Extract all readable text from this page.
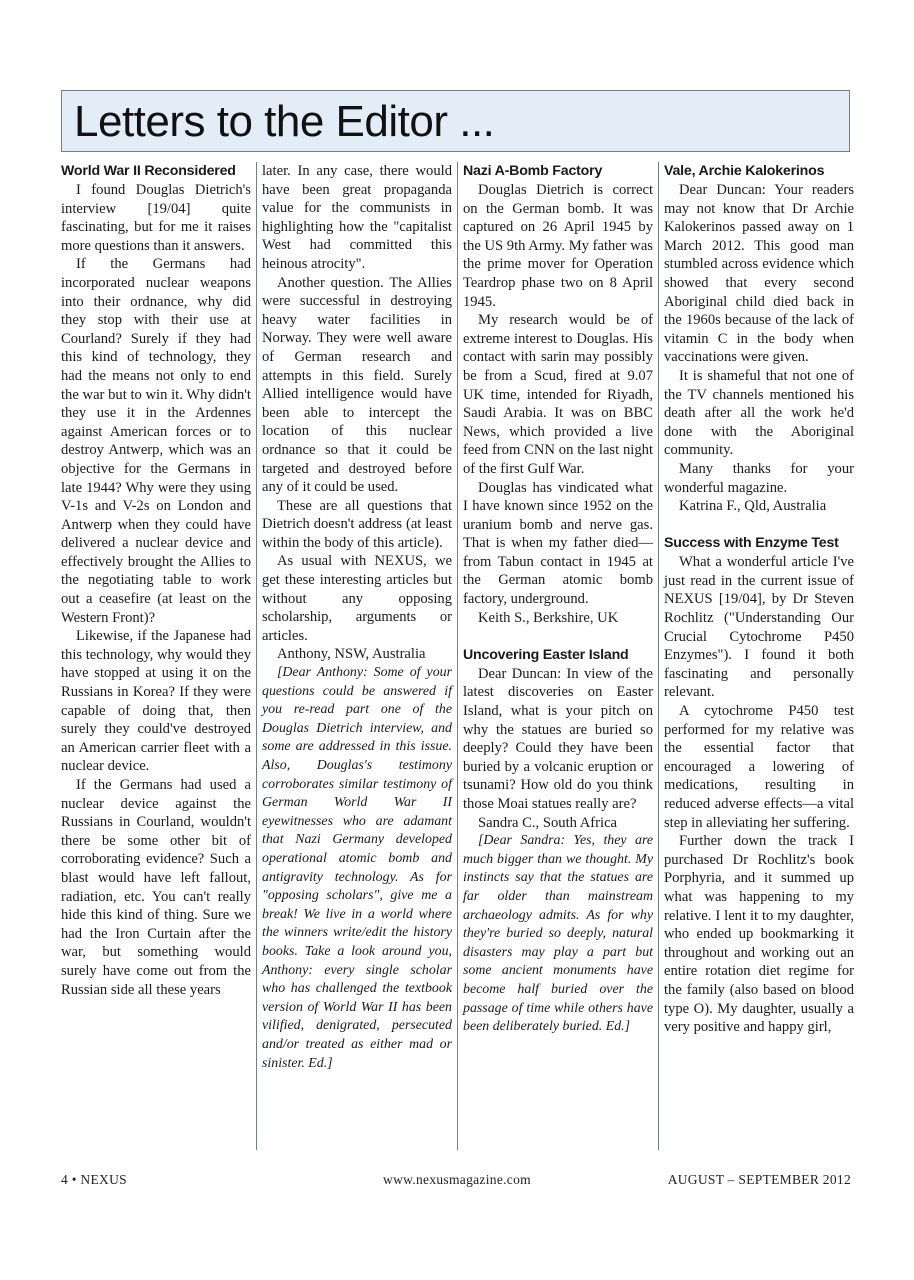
Letters to the Editor ...
World War II Reconsidered

I found Douglas Dietrich's interview [19/04] quite fascinating, but for me it raises more questions than it answers.

If the Germans had incorporated nuclear weapons into their ordnance, why did they stop with their use at Courland? Surely if they had this kind of technology, they had the means not only to end the war but to win it. Why didn't they use it in the Ardennes against American forces or to destroy Antwerp, which was an objective for the Germans in late 1944? Why were they using V-1s and V-2s on London and Antwerp when they could have delivered a nuclear device and effectively brought the Allies to the negotiating table to work out a ceasefire (at least on the Western Front)?

Likewise, if the Japanese had this technology, why would they have stopped at using it on the Russians in Korea? If they were capable of doing that, then surely they could've destroyed an American carrier fleet with a nuclear device.

If the Germans had used a nuclear device against the Russians in Courland, wouldn't there be some other bit of corroborating evidence? Such a blast would have left fallout, radiation, etc. You can't really hide this kind of thing. Sure we had the Iron Curtain after the war, but something would surely have come out from the Russian side all these years

later. In any case, there would have been great propaganda value for the communists in highlighting how the "capitalist West had committed this heinous atrocity".

Another question. The Allies were successful in destroying heavy water facilities in Norway. They were well aware of German research and attempts in this field. Surely Allied intelligence would have been able to intercept the location of this nuclear ordnance so that it could be targeted and destroyed before any of it could be used.

These are all questions that Dietrich doesn't address (at least within the body of this article).

As usual with NEXUS, we get these interesting articles but without any opposing scholarship, arguments or articles.

Anthony, NSW, Australia

[Dear Anthony: Some of your questions could be answered if you re-read part one of the Douglas Dietrich interview, and some are addressed in this issue. Also, Douglas's testimony corroborates similar testimony of German World War II eyewitnesses who are adamant that Nazi Germany developed operational atomic bomb and antigravity technology. As for "opposing scholars", give me a break! We live in a world where the winners write/edit the history books. Take a look around you, Anthony: every single scholar who has challenged the textbook version of World War II has been vilified, denigrated, persecuted and/or treated as either mad or sinister. Ed.]

Nazi A-Bomb Factory

Douglas Dietrich is correct on the German bomb. It was captured on 26 April 1945 by the US 9th Army. My father was the prime mover for Operation Teardrop phase two on 8 April 1945.

My research would be of extreme interest to Douglas. His contact with sarin may possibly be from a Scud, fired at 9.07 UK time, intended for Riyadh, Saudi Arabia. It was on BBC News, which provided a live feed from CNN on the last night of the first Gulf War.

Douglas has vindicated what I have known since 1952 on the uranium bomb and nerve gas. That is when my father died—from Tabun contact in 1945 at the German atomic bomb factory, underground.

Keith S., Berkshire, UK

Uncovering Easter Island

Dear Duncan: In view of the latest discoveries on Easter Island, what is your pitch on why the statues are buried so deeply? Could they have been buried by a volcanic eruption or tsunami? How old do you think those Moai statues really are?

Sandra C., South Africa

[Dear Sandra: Yes, they are much bigger than we thought. My instincts say that the statues are far older than mainstream archaeology admits. As for why they're buried so deeply, natural disasters may play a part but some ancient monuments have become half buried over the passage of time while others have been deliberately buried. Ed.]

Vale, Archie Kalokerinos

Dear Duncan: Your readers may not know that Dr Archie Kalokerinos passed away on 1 March 2012. This good man stumbled across evidence which showed that every second Aboriginal child died back in the 1960s because of the lack of vitamin C in the body when vaccinations were given.

It is shameful that not one of the TV channels mentioned his death after all the work he'd done with the Aboriginal community.

Many thanks for your wonderful magazine.

Katrina F., Qld, Australia

Success with Enzyme Test

What a wonderful article I've just read in the current issue of NEXUS [19/04], by Dr Steven Rochlitz ("Understanding Our Crucial Cytochrome P450 Enzymes"). I found it both fascinating and personally relevant.

A cytochrome P450 test performed for my relative was the essential factor that encouraged a lowering of medications, resulting in reduced adverse effects—a vital step in alleviating her suffering.

Further down the track I purchased Dr Rochlitz's book Porphyria, and it summed up what was happening to my relative. I lent it to my daughter, who ended up bookmarking it throughout and working out an entire rotation diet regime for the family (also based on blood type O). My daughter, usually a very positive and happy girl,

4 • NEXUS	www.nexusmagazine.com	AUGUST – SEPTEMBER 2012
